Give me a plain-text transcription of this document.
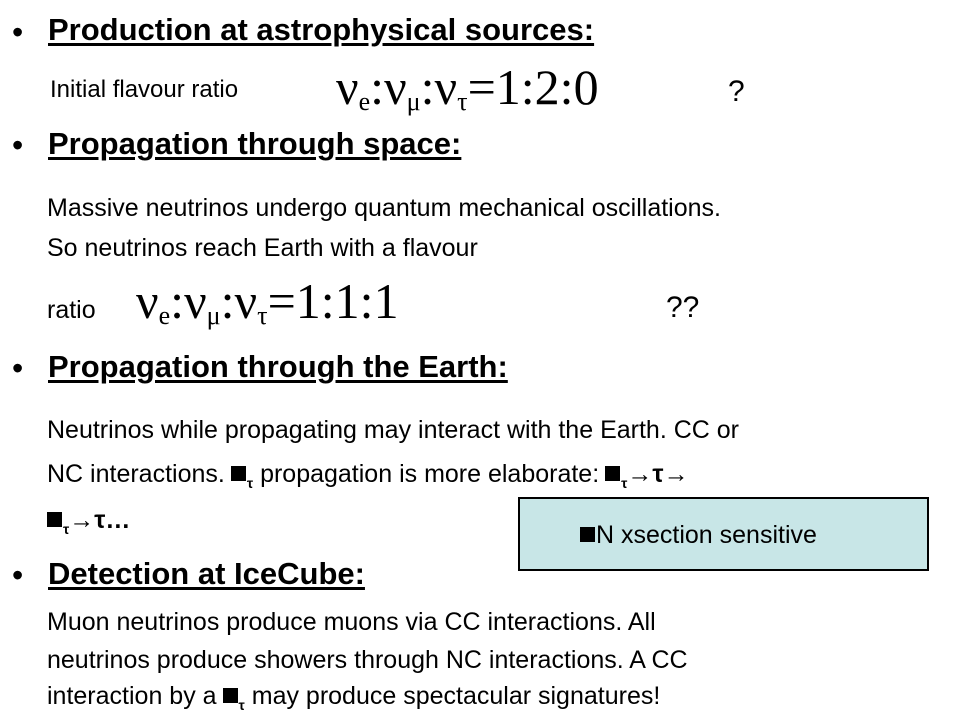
• Production at astrophysical sources:
Initial flavour ratio $\nu_e:\nu_\mu:\nu_\tau=1:2:0$	?
• Propagation through space:
Massive neutrinos undergo quantum mechanical oscillations.
So neutrinos reach Earth with a flavour
ratio $\nu_e:\nu_\mu:\nu_\tau=1:1:1$	??
• Propagation through the Earth:
Neutrinos while propagating may interact with the Earth. CC or
NC interactions. $_\tau$ propagation is more elaborate: $_\tau$→τ→
$_\tau$→τ…
N xsection sensitive
• Detection at IceCube:
Muon neutrinos produce muons via CC interactions. All
neutrinos produce showers through NC interactions. A CC
interaction by a $_\tau$ may produce spectacular signatures!
